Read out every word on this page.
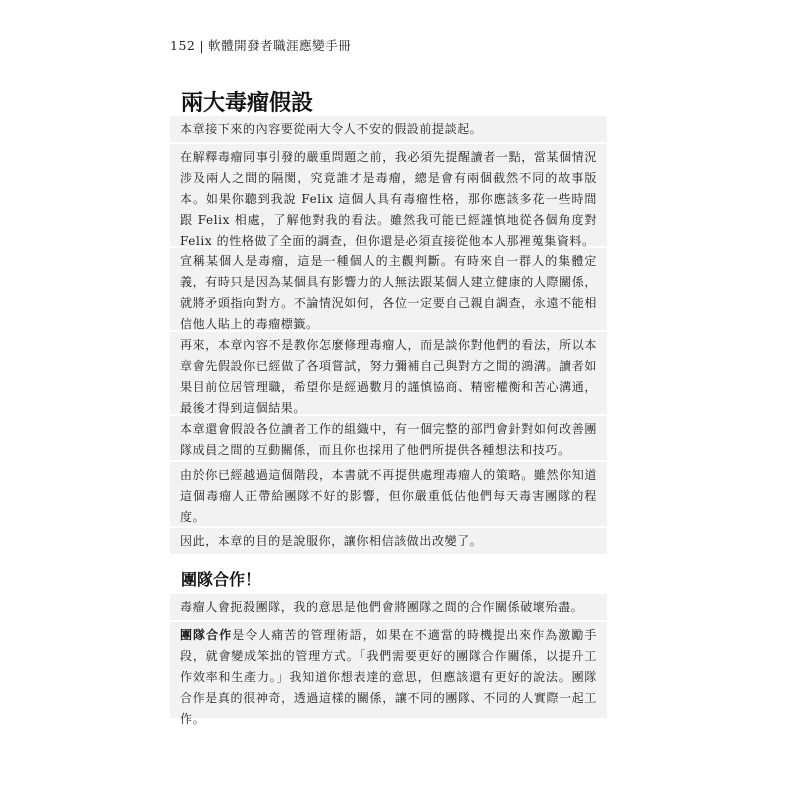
152 | 軟體開發者職涯應變手冊
兩大毒瘤假設

本章接下來的內容要從兩大令人不安的假設前提談起。

在解釋毒瘤同事引發的嚴重問題之前，我必須先提醒讀者一點，當某個情況涉及兩人之間的隔閡，究竟誰才是毒瘤，總是會有兩個截然不同的故事版本。如果你聽到我說 Felix 這個人具有毒瘤性格，那你應該多花一些時間跟 Felix 相處，了解他對我的看法。雖然我可能已經謹慎地從各個角度對 Felix 的性格做了全面的調查，但你還是必須直接從他本人那裡蒐集資料。

宣稱某個人是毒瘤，這是一種個人的主觀判斷。有時來自一群人的集體定義，有時只是因為某個具有影響力的人無法跟某個人建立健康的人際關係，就將矛頭指向對方。不論情況如何，各位一定要自己親自調查，永遠不能相信他人貼上的毒瘤標籤。

再來，本章內容不是教你怎麼修理毒瘤人，而是談你對他們的看法，所以本章會先假設你已經做了各項嘗試，努力彌補自己與對方之間的鴻溝。讀者如果目前位居管理職，希望你是經過數月的謹慎協商、精密權衡和苦心溝通，最後才得到這個結果。

本章還會假設各位讀者工作的組織中，有一個完整的部門會針對如何改善團隊成員之間的互動關係，而且你也採用了他們所提供各種想法和技巧。

由於你已經越過這個階段，本書就不再提供處理毒瘤人的策略。雖然你知道這個毒瘤人正帶給團隊不好的影響，但你嚴重低估他們每天毒害團隊的程度。

因此，本章的目的是說服你，讓你相信該做出改變了。

團隊合作！

毒瘤人會扼殺團隊，我的意思是他們會將團隊之間的合作關係破壞殆盡。

團隊合作是令人痛苦的管理術語，如果在不適當的時機提出來作為激勵手段，就會變成笨拙的管理方式。「我們需要更好的團隊合作關係，以提升工作效率和生產力。」我知道你想表達的意思，但應該還有更好的說法。團隊合作是真的很神奇，透過這樣的關係，讓不同的團隊、不同的人實際一起工作。
